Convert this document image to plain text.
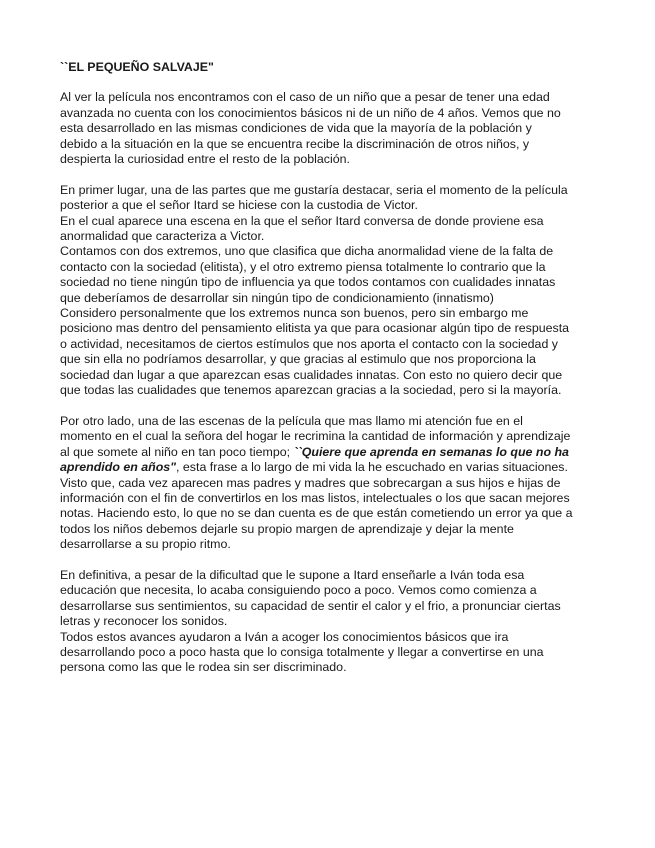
``EL PEQUEÑO SALVAJE"

Al ver la película nos encontramos con el caso de un niño que a pesar de tener una edad
avanzada no cuenta con los conocimientos básicos ni de un niño de 4 años. Vemos que no
esta desarrollado en las mismas condiciones de vida que la mayoría de la población y
debido a la situación en la que se encuentra recibe la discriminación de otros niños, y
despierta la curiosidad entre el resto de la población.

En primer lugar, una de las partes que me gustaría destacar, seria el momento de la película
posterior a que el señor Itard se hiciese con la custodia de Victor.
En el cual aparece una escena en la que el señor Itard conversa de donde proviene esa
anormalidad que caracteriza a Victor.
Contamos con dos extremos, uno que clasifica que dicha anormalidad viene de la falta de
contacto con la sociedad (elitista), y el otro extremo piensa totalmente lo contrario que la
sociedad no tiene ningún tipo de influencia ya que todos contamos con cualidades innatas
que deberíamos de desarrollar sin ningún tipo de condicionamiento (innatismo)
Considero personalmente que los extremos nunca son buenos, pero sin embargo me
posiciono mas dentro del pensamiento elitista ya que para ocasionar algún tipo de respuesta
o actividad, necesitamos de ciertos estímulos que nos aporta el contacto con la sociedad y
que sin ella no podríamos desarrollar, y que gracias al estimulo que nos proporciona la
sociedad dan lugar a que aparezcan esas cualidades innatas. Con esto no quiero decir que
que todas las cualidades que tenemos aparezcan gracias a la sociedad, pero si la mayoría.

Por otro lado, una de las escenas de la película que mas llamo mi atención fue en el
momento en el cual la señora del hogar le recrimina la cantidad de información y aprendizaje
al que somete al niño en tan poco tiempo; ``Quiere que aprenda en semanas lo que no ha
aprendido en años", esta frase a lo largo de mi vida la he escuchado en varias situaciones.
Visto que, cada vez aparecen mas padres y madres que sobrecargan a sus hijos e hijas de
información con el fin de convertirlos en los mas listos, intelectuales o los que sacan mejores
notas. Haciendo esto, lo que no se dan cuenta es de que están cometiendo un error ya que a
todos los niños debemos dejarle su propio margen de aprendizaje y dejar la mente
desarrollarse a su propio ritmo.

En definitiva, a pesar de la dificultad que le supone a Itard enseñarle a Iván toda esa
educación que necesita, lo acaba consiguiendo poco a poco. Vemos como comienza a
desarrollarse sus sentimientos, su capacidad de sentir el calor y el frio, a pronunciar ciertas
letras y reconocer los sonidos.
Todos estos avances ayudaron a Iván a acoger los conocimientos básicos que ira
desarrollando poco a poco hasta que lo consiga totalmente y llegar a convertirse en una
persona como las que le rodea sin ser discriminado.
